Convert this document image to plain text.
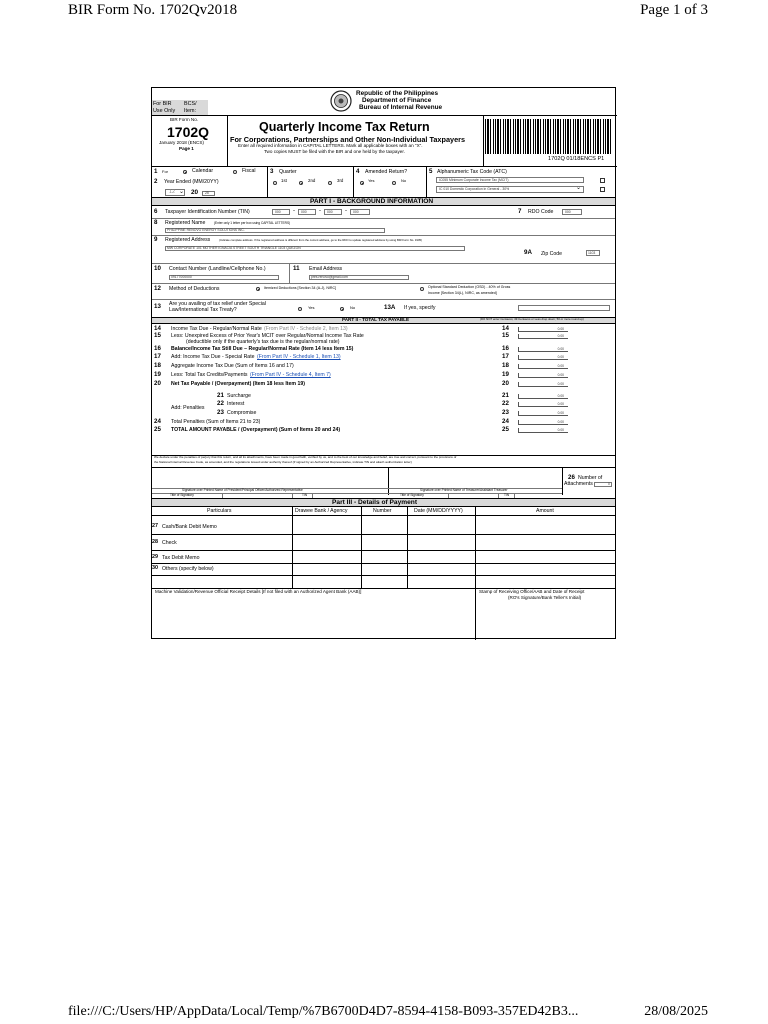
BIR Form No. 1702Qv2018	Page 1 of 3
file:///C:/Users/HP/AppData/Local/Temp/%7B6700D4D7-8594-4158-B093-357ED42B3...	28/08/2025
Republic of the Philippines
Department of Finance
Bureau of Internal Revenue
For BIR
Use Only
BCS/
Item:
BIR Form No.
1702Q
January 2018 (ENCS)
Page 1
Quarterly Income Tax Return
For Corporations, Partnerships and Other Non-Individual Taxpayers
Enter all required information in CAPITAL LETTERS. Mark all applicable boxes with an "X".
Two copies MUST be filed with the BIR and one held by the taxpayer.
1702Q 01/18ENCS P1
1 For	Calendar	Fiscal
2 Year Ended (MM/20YY)
12 ⌄ 20 25
3 Quarter
1st	2nd	3rd
4 Amended Return?
Yes	No
5 Alphanumeric Tax Code (ATC)
IC055 Minimum Corporate Income Tax (MCIT)
IC 010 Domestic Corporation in General - 30%	⌄
PART I - BACKGROUND INFORMATION
6 Taxpayer Identification Number (TIN)	000 - 000 - 000 - 000	7 RDO Code	000
8 Registered Name	(Enter only 1 letter per box using CAPITAL LETTERS)
PHILIPPINE RENOVO ENERGY SOLUTIONS INC.
9 Registered Address	(Indicate complete address. If the registered address is different from the current address, go to the RDO to update registered address by using BIR Form No. 1905)
MW CORPORATE 101 MOTHER IGNACIA STREET SOUTH TRIANGLE 1103 QUEZON
9A Zip Code	1103
10 Contact Number (Landline/Cellphone No.)
09177000000
11 Email Address
pres.renovo@gmail.com
12 Method of Deductions	Itemized Deductions [Section 34 (A-J), NIRC]	Optional Standard Deduction (OSD) - 40% of Gross
Income [Section 34(L), NIRC, as amended]
13 Are you availing of tax relief under Special
Law/International Tax Treaty?	Yes	No	13A If yes, specify
PART II - TOTAL TAX PAYABLE	(DO NOT enter Centavos; 49 Centavos or Less drop down; 50 or more round up)
14 Income Tax Due - Regular/Normal Rate (From Part IV - Schedule 2, Item 13)	14	0.00
15 Less: Unexpired Excess of Prior Year's MCIT over Regular/Normal Income Tax Rate
(deductible only if the quarterly's tax due is the regular/normal rate)
15	0.00
16 Balance/Income Tax Still Due – Regular/Normal Rate (Item 14 less Item 15)	16	0.00
17 Add: Income Tax Due - Special Rate (From Part IV - Schedule 1, Item 13)	17	0.00
18 Aggregate Income Tax Due (Sum of Items 16 and 17)	18	0.00
19 Less: Total Tax Credits/Payments (From Part IV - Schedule 4, Item 7)	19	0.00
20 Net Tax Payable / (Overpayment) (Item 18 less Item 19)	20	0.00
21 Surcharge	21	0.00
22 Interest	22	0.00
23 Compromise	23	0.00
24 Total Penalties (Sum of Items 21 to 23)	24	0.00
25 TOTAL AMOUNT PAYABLE / (Overpayment) (Sum of Items 20 and 24)	25	0.00
Add: Penalties
We declare under the penalties of perjury that this return, and all its attachments, have been made in good faith, verified by us, and to the best of our knowledge and belief, are true and correct, pursuant to the provisions of
the National Internal Revenue Code, as amended, and the regulations issued under authority thereof (If signed by an Authorized Representative, indicate TIN and attach authorization letter)
26 Number of
Attachments	0
Signature over Printed Name of President/Principal Officer/Authorized Representative	Signature over Printed Name of Treasurer/Assistant Treasurer
Title of Signatory	TIN	Title of Signatory	TIN
Part III - Details of Payment
Particulars	Drawee Bank / Agency	Number	Date (MM/DD/YYYY)	Amount
27 Cash/Bank Debit Memo
28 Check
29 Tax Debit Memo
30 Others (specify below)
Machine Validation/Revenue Official Receipt Details [If not filed with an Authorized Agent Bank (AAB)]	Stamp of Receiving Office/AAB and Date of Receipt
(RO's Signature/Bank Teller's Initial)
